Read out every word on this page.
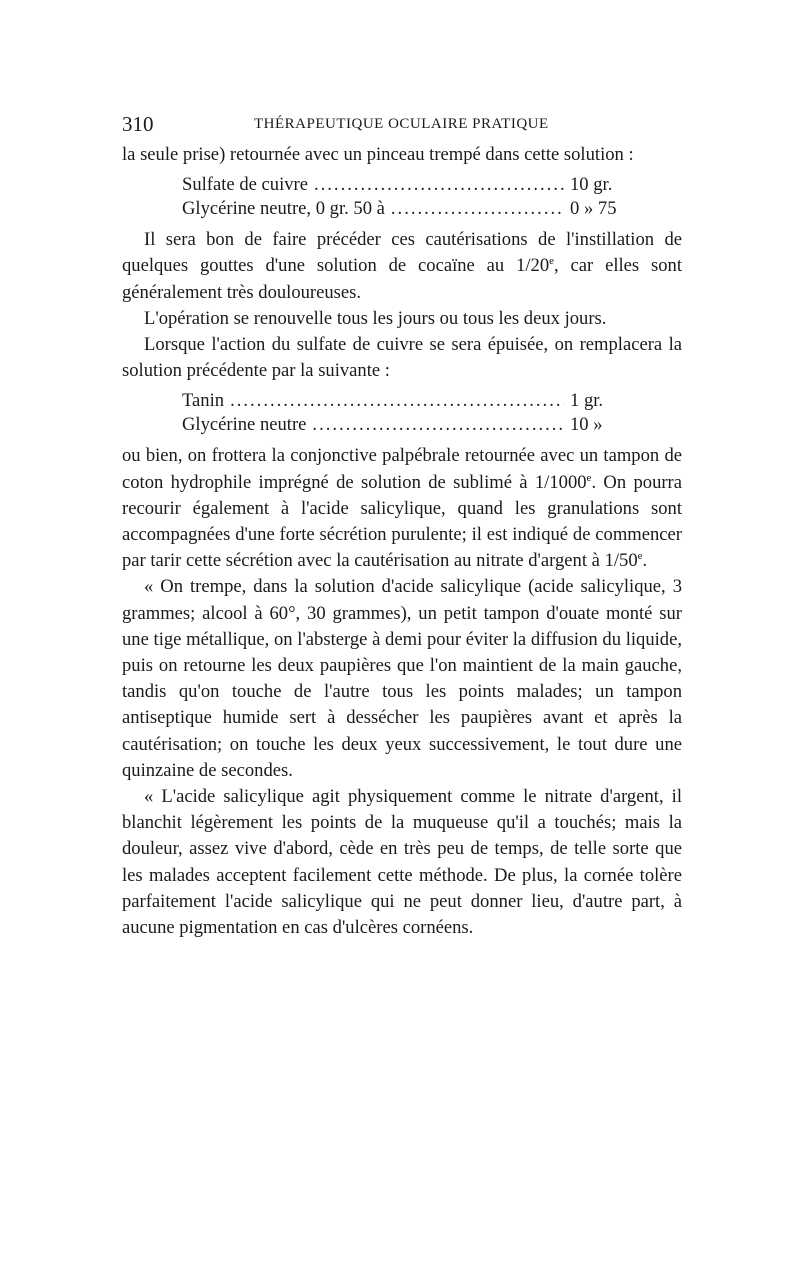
310	THÉRAPEUTIQUE OCULAIRE PRATIQUE

la seule prise) retournée avec un pinceau trempé dans cette solution :

Sulfate de cuivre .....	10 gr.
Glycérine neutre, 0 gr. 50 à .....	0 » 75

Il sera bon de faire précéder ces cautérisations de l'instillation de quelques gouttes d'une solution de cocaïne au 1/20e, car elles sont généralement très douloureuses.

L'opération se renouvelle tous les jours ou tous les deux jours.

Lorsque l'action du sulfate de cuivre se sera épuisée, on remplacera la solution précédente par la suivante :

Tanin .....	1 gr.
Glycérine neutre .....	10 »

ou bien, on frottera la conjonctive palpébrale retournée avec un tampon de coton hydrophile imprégné de solution de sublimé à 1/1000e. On pourra recourir également à l'acide salicylique, quand les granulations sont accompagnées d'une forte sécrétion purulente; il est indiqué de commencer par tarir cette sécrétion avec la cautérisation au nitrate d'argent à 1/50e.

« On trempe, dans la solution d'acide salicylique (acide salicylique, 3 grammes; alcool à 60°, 30 grammes), un petit tampon d'ouate monté sur une tige métallique, on l'absterge à demi pour éviter la diffusion du liquide, puis on retourne les deux paupières que l'on maintient de la main gauche, tandis qu'on touche de l'autre tous les points malades; un tampon antiseptique humide sert à dessécher les paupières avant et après la cautérisation; on touche les deux yeux successivement, le tout dure une quinzaine de secondes.

« L'acide salicylique agit physiquement comme le nitrate d'argent, il blanchit légèrement les points de la muqueuse qu'il a touchés; mais la douleur, assez vive d'abord, cède en très peu de temps, de telle sorte que les malades acceptent facilement cette méthode. De plus, la cornée tolère parfaitement l'acide salicylique qui ne peut donner lieu, d'autre part, à aucune pigmentation en cas d'ulcères cornéens.
